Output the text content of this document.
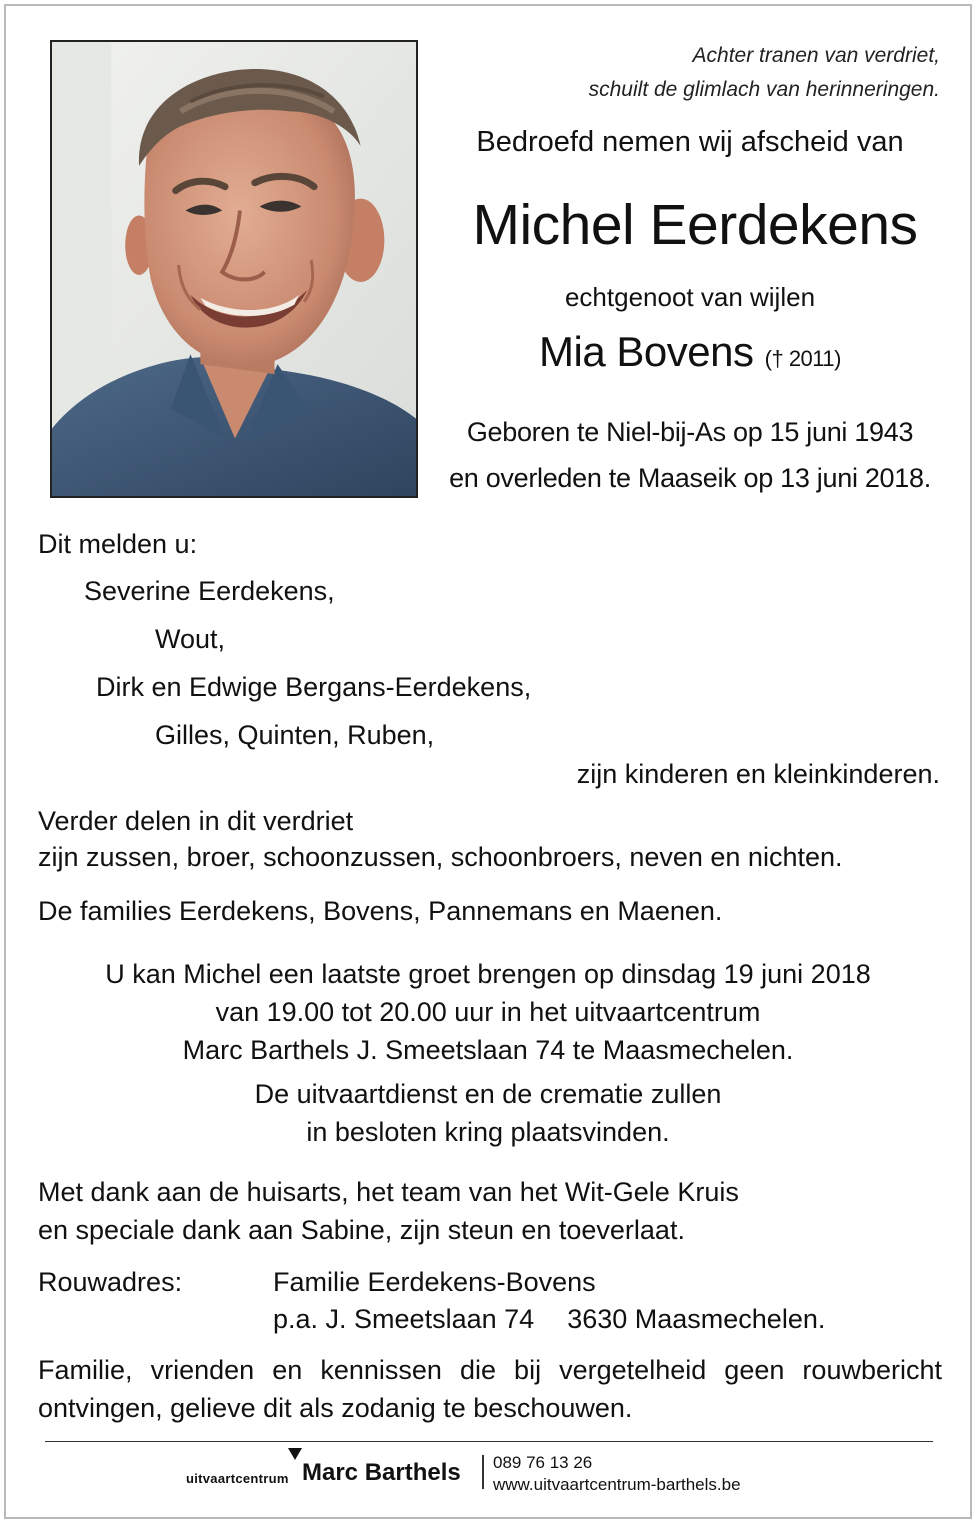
Achter tranen van verdriet,
schuilt de glimlach van herinneringen.
Bedroefd nemen wij afscheid van
Michel Eerdekens
echtgenoot van wijlen
Mia Bovens († 2011)
Geboren te Niel-bij-As op 15 juni 1943
en overleden te Maaseik op 13 juni 2018.
Dit melden u:
Severine Eerdekens,
Wout,
Dirk en Edwige Bergans-Eerdekens,
Gilles, Quinten, Ruben,
zijn kinderen en kleinkinderen.
Verder delen in dit verdriet
zijn zussen, broer, schoonzussen, schoonbroers, neven en nichten.
De families Eerdekens, Bovens, Pannemans en Maenen.
U kan Michel een laatste groet brengen op dinsdag 19 juni 2018
van 19.00 tot 20.00 uur in het uitvaartcentrum
Marc Barthels J. Smeetslaan 74 te Maasmechelen.
De uitvaartdienst en de crematie zullen
in besloten kring plaatsvinden.
Met dank aan de huisarts, het team van het Wit-Gele Kruis
en speciale dank aan Sabine, zijn steun en toeverlaat.
Rouwadres:	Familie Eerdekens-Bovens
	p.a. J. Smeetslaan 74 3630 Maasmechelen.
Familie, vrienden en kennissen die bij vergetelheid geen rouwbericht
ontvingen, gelieve dit als zodanig te beschouwen.
uitvaartcentrum Marc Barthels 089 76 13 26
www.uitvaartcentrum-barthels.be
